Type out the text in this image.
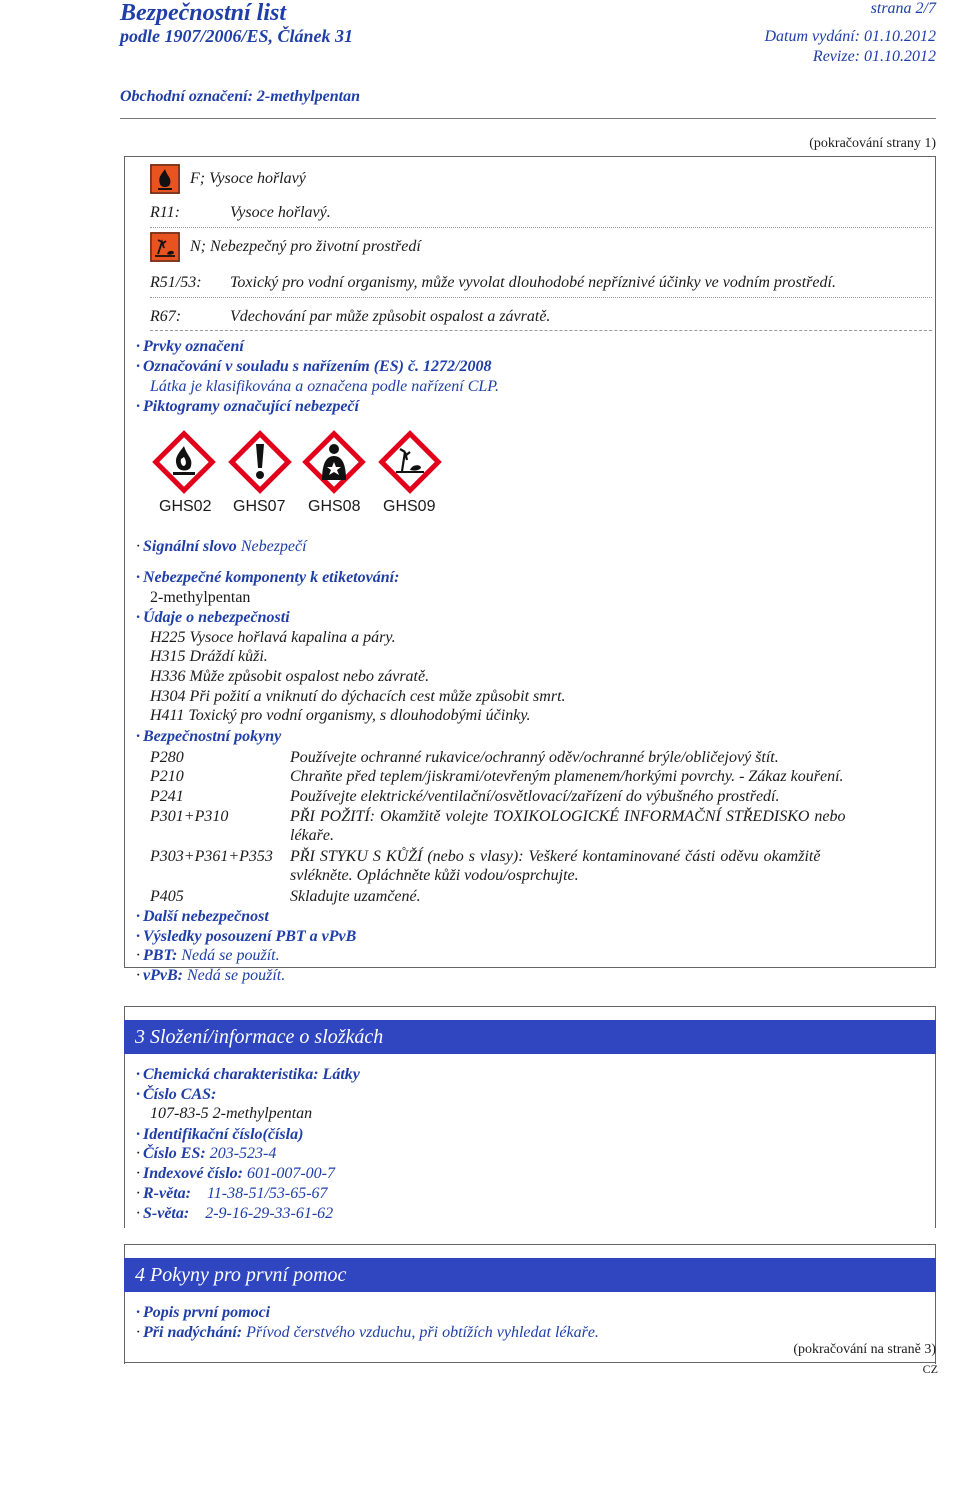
Bezpečnostní list
podle 1907/2006/ES, Článek 31
strana 2/7
Datum vydání: 01.10.2012
Revize: 01.10.2012
Obchodní označení: 2-methylpentan
(pokračování strany 1)
F; Vysoce hořlavý
R11:	Vysoce hořlavý.
N; Nebezpečný pro životní prostředí
R51/53: Toxický pro vodní organismy, může vyvolat dlouhodobé nepříznivé účinky ve vodním prostředí.
R67:	Vdechování par může způsobit ospalost a závratě.
· Prvky označení
· Označování v souladu s nařízením (ES) č. 1272/2008
Látka je klasifikována a označena podle nařízení CLP.
· Piktogramy označující nebezpečí
GHS02 GHS07 GHS08 GHS09
· Signální slovo Nebezpečí
· Nebezpečné komponenty k etiketování:
2-methylpentan
· Údaje o nebezpečnosti
H225 Vysoce hořlavá kapalina a páry.
H315 Dráždí kůži.
H336 Může způsobit ospalost nebo závratě.
H304 Při požití a vniknutí do dýchacích cest může způsobit smrt.
H411 Toxický pro vodní organismy, s dlouhodobými účinky.
· Bezpečnostní pokyny
P280	Používejte ochranné rukavice/ochranný oděv/ochranné brýle/obličejový štít.
P210	Chraňte před teplem/jiskrami/otevřeným plamenem/horkými povrchy. - Zákaz kouření.
P241	Používejte elektrické/ventilační/osvětlovací/zařízení do výbušného prostředí.
P301+P310	PŘI POŽITÍ: Okamžitě volejte TOXIKOLOGICKÉ INFORMAČNÍ STŘEDISKO nebo
lékaře.
P303+P361+P353 PŘI STYKU S KŮŽÍ (nebo s vlasy): Veškeré kontaminované části oděvu okamžitě
svlékněte. Opláchněte kůži vodou/osprchujte.
P405	Skladujte uzamčené.
· Další nebezpečnost
· Výsledky posouzení PBT a vPvB
· PBT: Nedá se použít.
· vPvB: Nedá se použít.
3 Složení/informace o složkách
· Chemická charakteristika: Látky
· Číslo CAS:
107-83-5 2-methylpentan
· Identifikační číslo(čísla)
· Číslo ES: 203-523-4
· Indexové číslo: 601-007-00-7
· R-věta: 11-38-51/53-65-67
· S-věta: 2-9-16-29-33-61-62
4 Pokyny pro první pomoc
· Popis první pomoci
· Při nadýchání: Přívod čerstvého vzduchu, při obtížích vyhledat lékaře.
(pokračování na straně 3)
CZ
